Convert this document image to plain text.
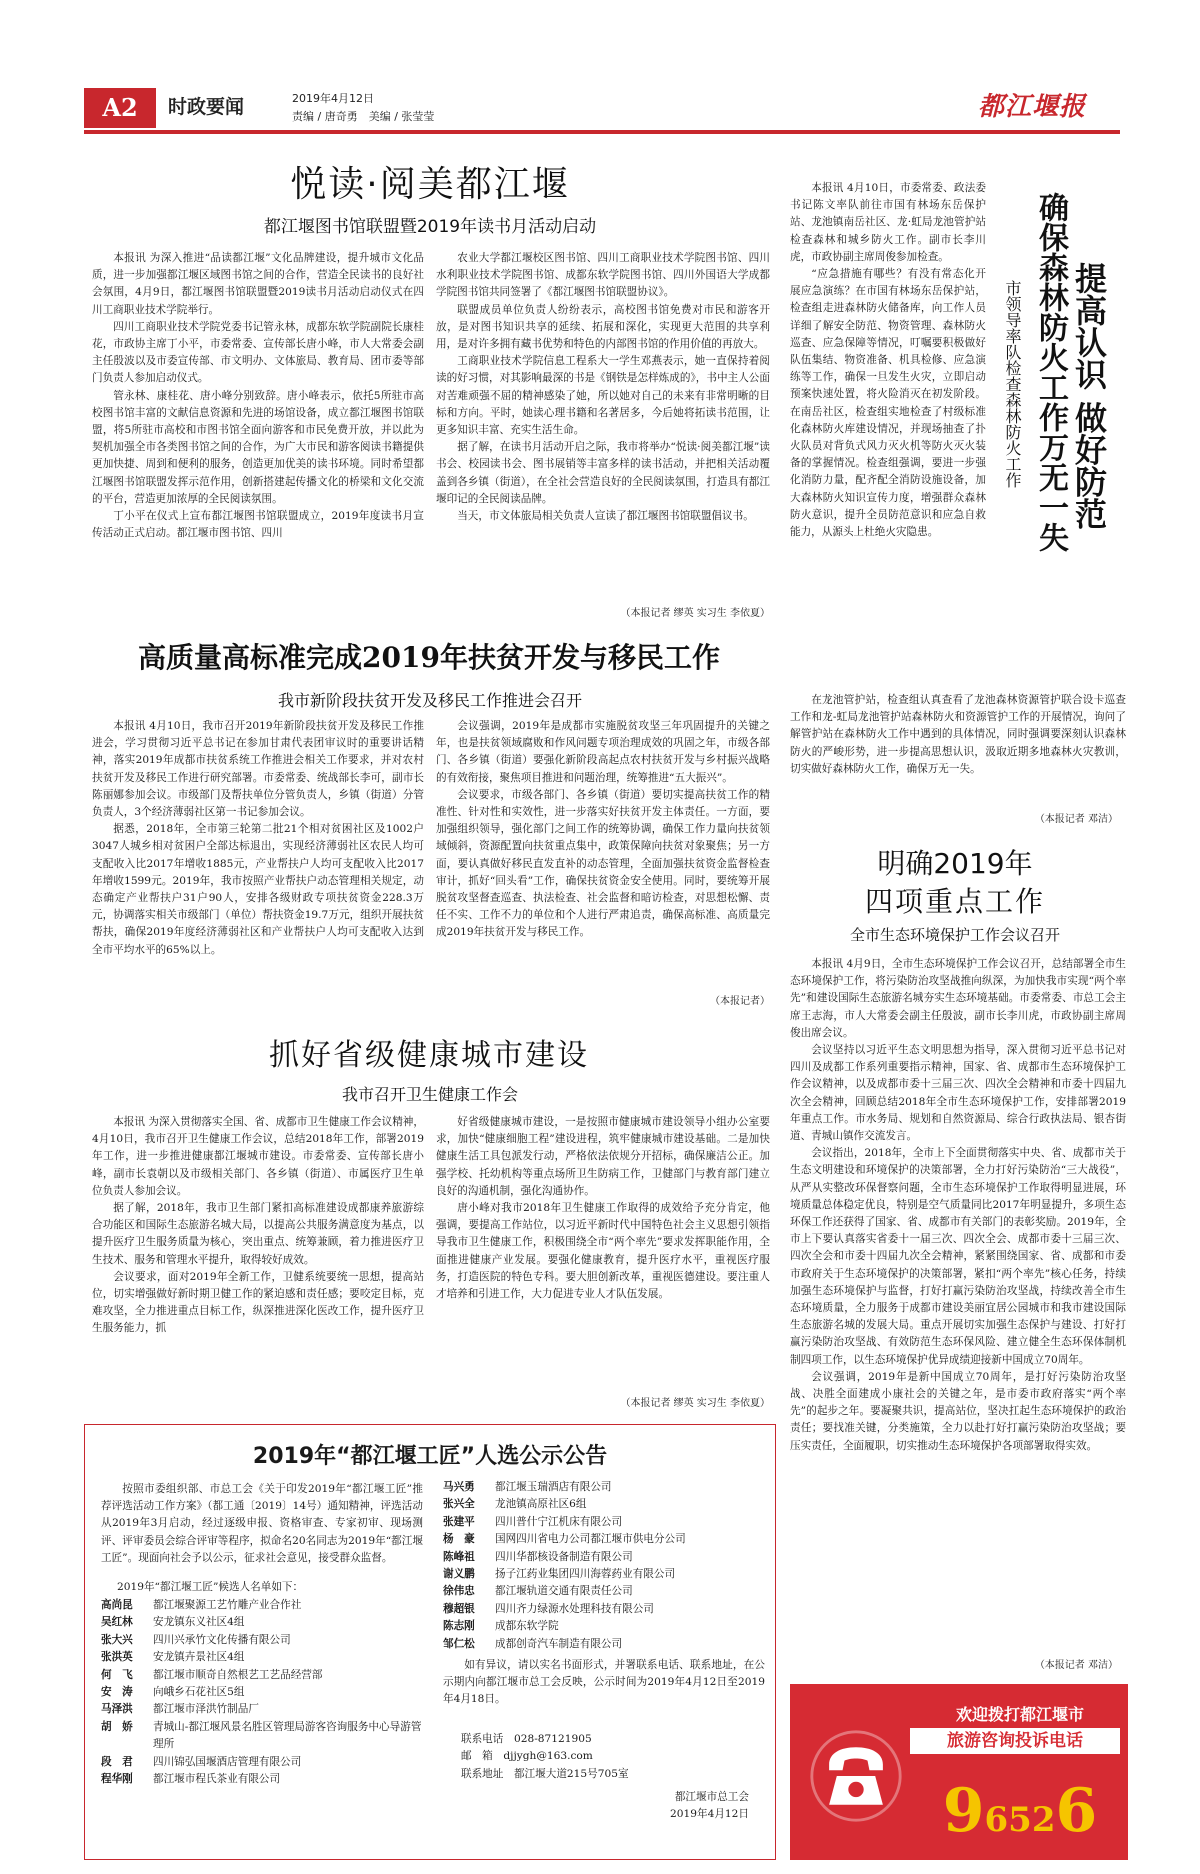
A2	时政要闻	2019年4月12日
责编 / 唐奇勇　美编 / 张莹莹	都江堰报
悦读·阅美都江堰
都江堰图书馆联盟暨2019年读书月活动启动

本报讯 为深入推进“品读都江堰”文化品牌建设，提升城市文化品质，进一步加强都江堰区域图书馆之间的合作，营造全民读书的良好社会氛围，4月9日，都江堰图书馆联盟暨2019读书月活动启动仪式在四川工商职业技术学院举行。

四川工商职业技术学院党委书记管永林，成都东软学院副院长康桂花，市政协主席丁小平，市委常委、宣传部长唐小峰，市人大常委会副主任殷波以及市委宣传部、市文明办、文体旅局、教育局、团市委等部门负责人参加启动仪式。

管永林、康桂花、唐小峰分别致辞。唐小峰表示，依托5所驻市高校图书馆丰富的文献信息资源和先进的场馆设备，成立都江堰图书馆联盟，将5所驻市高校和市图书馆全面向游客和市民免费开放，并以此为契机加强全市各类图书馆之间的合作，为广大市民和游客阅读书籍提供更加快捷、周到和便利的服务，创造更加优美的读书环境。同时希望都江堰图书馆联盟发挥示范作用，创新搭建起传播文化的桥梁和文化交流的平台，营造更加浓厚的全民阅读氛围。

丁小平在仪式上宣布都江堰图书馆联盟成立，2019年度读书月宣传活动正式启动。都江堰市图书馆、四川

农业大学都江堰校区图书馆、四川工商职业技术学院图书馆、四川水利职业技术学院图书馆、成都东软学院图书馆、四川外国语大学成都学院图书馆共同签署了《都江堰图书馆联盟协议》。

联盟成员单位负责人纷纷表示，高校图书馆免费对市民和游客开放，是对图书知识共享的延续、拓展和深化，实现更大范围的共享利用，是对许多拥有藏书优势和特色的内部图书馆的作用价值的再放大。

工商职业技术学院信息工程系大一学生邓燕表示，她一直保持着阅读的好习惯，对其影响最深的书是《钢铁是怎样炼成的》，书中主人公面对苦难顽强不屈的精神感染了她，所以她对自己的未来有非常明晰的目标和方向。平时，她读心理书籍和名著居多，今后她将拓读书范围，让更多知识丰富、充实生活生命。

据了解，在读书月活动开启之际，我市将举办“悦读·阅美都江堰”读书会、校园读书会、图书展销等丰富多样的读书活动，并把相关活动覆盖到各乡镇（街道），在全社会营造良好的全民阅读氛围，打造具有都江堰印记的全民阅读品牌。

当天，市文体旅局相关负责人宣读了都江堰图书馆联盟倡议书。

（本报记者 缪英 实习生 李依夏）
高质量高标准完成2019年扶贫开发与移民工作
我市新阶段扶贫开发及移民工作推进会召开

本报讯 4月10日，我市召开2019年新阶段扶贫开发及移民工作推进会，学习贯彻习近平总书记在参加甘肃代表团审议时的重要讲话精神，落实2019年成都市扶贫系统工作推进会相关工作要求，并对农村扶贫开发及移民工作进行研究部署。市委常委、统战部长李可，副市长陈丽娜参加会议。市级部门及帮扶单位分管负责人，乡镇（街道）分管负责人，3个经济薄弱社区第一书记参加会议。

据悉，2018年，全市第三轮第二批21个相对贫困社区及1002户3047人城乡相对贫困户全部达标退出，实现经济薄弱社区农民人均可支配收入比2017年增收1885元，产业帮扶户人均可支配收入比2017年增收1599元。2019年，我市按照产业帮扶户动态管理相关规定，动态确定产业帮扶户31户90人，安排各级财政专项扶贫资金228.3万元，协调落实相关市级部门（单位）帮扶资金19.7万元，组织开展扶贫帮扶，确保2019年度经济薄弱社区和产业帮扶户人均可支配收入达到全市平均水平的65%以上。

会议强调，2019年是成都市实施脱贫攻坚三年巩固提升的关键之年，也是扶贫领域腐败和作风问题专项治理成效的巩固之年，市级各部门、各乡镇（街道）要强化新阶段高起点农村扶贫开发与乡村振兴战略的有效衔接，聚焦项目推进和问题治理，统筹推进“五大振兴”。

会议要求，市级各部门、各乡镇（街道）要切实提高扶贫工作的精准性、针对性和实效性，进一步落实好扶贫开发主体责任。一方面，要加强组织领导，强化部门之间工作的统筹协调，确保工作力量向扶贫领域倾斜，资源配置向扶贫重点集中，政策保障向扶贫对象聚焦；另一方面，要认真做好移民直发直补的动态管理，全面加强扶贫资金监督检查审计，抓好“回头看”工作，确保扶贫资金安全使用。同时，要统筹开展脱贫攻坚督查巡查、执法检查、社会监督和暗访检查，对思想松懈、责任不实、工作不力的单位和个人进行严肃追责，确保高标准、高质量完成2019年扶贫开发与移民工作。

（本报记者）
抓好省级健康城市建设
我市召开卫生健康工作会

本报讯 为深入贯彻落实全国、省、成都市卫生健康工作会议精神，4月10日，我市召开卫生健康工作会议，总结2018年工作，部署2019年工作，进一步推进健康都江堰城市建设。市委常委、宣传部长唐小峰，副市长袁朝以及市级相关部门、各乡镇（街道）、市属医疗卫生单位负责人参加会议。

据了解，2018年，我市卫生部门紧扣高标准建设成都康养旅游综合功能区和国际生态旅游名城大局，以提高公共服务满意度为基点，以提升医疗卫生服务质量为核心，突出重点、统筹兼顾，着力推进医疗卫生技术、服务和管理水平提升，取得较好成效。

会议要求，面对2019年全新工作，卫健系统要统一思想，提高站位，切实增强做好新时期卫健工作的紧迫感和责任感；要咬定目标，克难攻坚，全力推进重点目标工作，纵深推进深化医改工作，提升医疗卫生服务能力，抓

好省级健康城市建设，一是按照市健康城市建设领导小组办公室要求，加快“健康细胞工程”建设进程，筑牢健康城市建设基础。二是加快健康生活工具包派发行动，严格依法依规分开招标，确保廉洁公正。加强学校、托幼机构等重点场所卫生防病工作，卫健部门与教育部门建立良好的沟通机制，强化沟通协作。

唐小峰对我市2018年卫生健康工作取得的成效给予充分肯定，他强调，要提高工作站位，以习近平新时代中国特色社会主义思想引领指导我市卫生健康工作，积极围绕全市“两个率先”要求发挥职能作用，全面推进健康产业发展。要强化健康教育，提升医疗水平，重视医疗服务，打造医院的特色专科。要大胆创新改革，重视医德建设。要注重人才培养和引进工作，大力促进专业人才队伍发展。

（本报记者 缪英 实习生 李依夏）
2019年“都江堰工匠”人选公示公告

按照市委组织部、市总工会《关于印发2019年“都江堰工匠”推荐评选活动工作方案》（都工通〔2019〕14号）通知精神，评选活动从2019年3月启动，经过逐级申报、资格审查、专家初审、现场测评、评审委员会综合评审等程序，拟命名20名同志为2019年“都江堰工匠”。现面向社会予以公示，征求社会意见，接受群众监督。

2019年“都江堰工匠”候选人名单如下：
高尚昆 都江堰聚源工艺竹雕产业合作社
吴红林 安龙镇东义社区4组
张大兴 四川兴承竹文化传播有限公司
张洪英 安龙镇卉景社区4组
何　飞 都江堰市顺奇自然根艺工艺品经营部
安　涛 向峨乡石花社区5组
马泽洪 都江堰市泽洪竹制品厂
胡　娇 青城山-都江堰风景名胜区管理局游客咨询服务中心导游管理所
段　君 四川锦弘国堰酒店管理有限公司
程华刚 都江堰市程氏茶业有限公司
马兴勇 都江堰玉瑞酒店有限公司
张兴全 龙池镇高原社区6组
张建平 四川普什宁江机床有限公司
杨　豪 国网四川省电力公司都江堰市供电分公司
陈峰祖 四川华都核设备制造有限公司
谢义鹏 扬子江药业集团四川海蓉药业有限公司
徐伟忠 都江堰轨道交通有限责任公司
穆超银 四川齐力绿源水处理科技有限公司
陈志刚 成都东软学院
邹仁松 成都创奇汽车制造有限公司

如有异议，请以实名书面形式，并署联系电话、联系地址，在公示期内向都江堰市总工会反映，公示时间为2019年4月12日至2019年4月18日。

联系电话　028-87121905
邮　箱　djjygh@163.com
联系地址　都江堰大道215号705室
都江堰市总工会
2019年4月12日

本报讯 4月10日，市委常委、政法委书记陈文率队前往市国有林场东岳保护站、龙池镇南岳社区、龙·虹局龙池管护站检查森林和城乡防火工作。副市长李川虎，市政协副主席周俊参加检查。

“应急措施有哪些？有没有常态化开展应急演练？在市国有林场东岳保护站，检查组走进森林防火储备库，向工作人员详细了解安全防范、物资管理、森林防火巡查、应急保障等情况，叮嘱要积极做好队伍集结、物资准备、机具检修、应急演练等工作，确保一旦发生火灾，立即启动预案快速处置，将火险消灭在初发阶段。在南岳社区，检查组实地检查了村级标准化森林防火库建设情况，并现场抽查了扑火队员对背负式风力灭火机等防火灭火装备的掌握情况。检查组强调，要进一步强化消防力量，配齐配全消防设施设备，加大森林防火知识宣传力度，增强群众森林防火意识，提升全员防范意识和应急自救能力，从源头上杜绝火灾隐患。

提高认识 做好防范
确保森林防火工作万无一失
市领导率队检查森林防火工作

在龙池管护站，检查组认真查看了龙池森林资源管护联合设卡巡查工作和龙-虹局龙池管护站森林防火和资源管护工作的开展情况，询问了解管护站在森林防火工作中遇到的具体情况，同时强调要深刻认识森林防火的严峻形势，进一步提高思想认识，汲取近期多地森林火灾教训，切实做好森林防火工作，确保万无一失。

（本报记者 邓洁）
明确2019年
四项重点工作
全市生态环境保护工作会议召开

本报讯 4月9日，全市生态环境保护工作会议召开，总结部署全市生态环境保护工作，将污染防治攻坚战推向纵深，为加快我市实现“两个率先”和建设国际生态旅游名城夯实生态环境基础。市委常委、市总工会主席王志海，市人大常委会副主任殷波，副市长李川虎，市政协副主席周俊出席会议。

会议坚持以习近平生态文明思想为指导，深入贯彻习近平总书记对四川及成都工作系列重要指示精神，国家、省、成都市生态环境保护工作会议精神，以及成都市委十三届三次、四次全会精神和市委十四届九次全会精神，回顾总结2018年全市生态环境保护工作，安排部署2019年重点工作。市水务局、规划和自然资源局、综合行政执法局、银杏街道、青城山镇作交流发言。

会议指出，2018年，全市上下全面贯彻落实中央、省、成都市关于生态文明建设和环境保护的决策部署，全力打好污染防治“三大战役”，从严从实整改环保督察问题，全市生态环境保护工作取得明显进展，环境质量总体稳定优良，特别是空气质量同比2017年明显提升，多项生态环保工作还获得了国家、省、成都市有关部门的表彰奖励。2019年，全市上下要认真落实省委十一届三次、四次全会、成都市委十三届三次、四次全会和市委十四届九次全会精神，紧紧围绕国家、省、成都和市委市政府关于生态环境保护的决策部署，紧扣“两个率先”核心任务，持续加强生态环境保护与监督，打好打赢污染防治攻坚战，持续改善全市生态环境质量，全力服务于成都市建设美丽宜居公园城市和我市建设国际生态旅游名城的发展大局。重点开展切实加强生态保护与建设、打好打赢污染防治攻坚战、有效防范生态环保风险、建立健全生态环保体制机制四项工作，以生态环境保护优异成绩迎接新中国成立70周年。

会议强调，2019年是新中国成立70周年，是打好污染防治攻坚战、决胜全面建成小康社会的关键之年，是市委市政府落实“两个率先”的起步之年。要凝聚共识，提高站位，坚决扛起生态环境保护的政治责任；要找准关键，分类施策，全力以赴打好打赢污染防治攻坚战；要压实责任，全面履职，切实推动生态环境保护各项部署取得实效。

（本报记者 邓洁）
欢迎拨打都江堰市
旅游咨询投诉电话
96526
